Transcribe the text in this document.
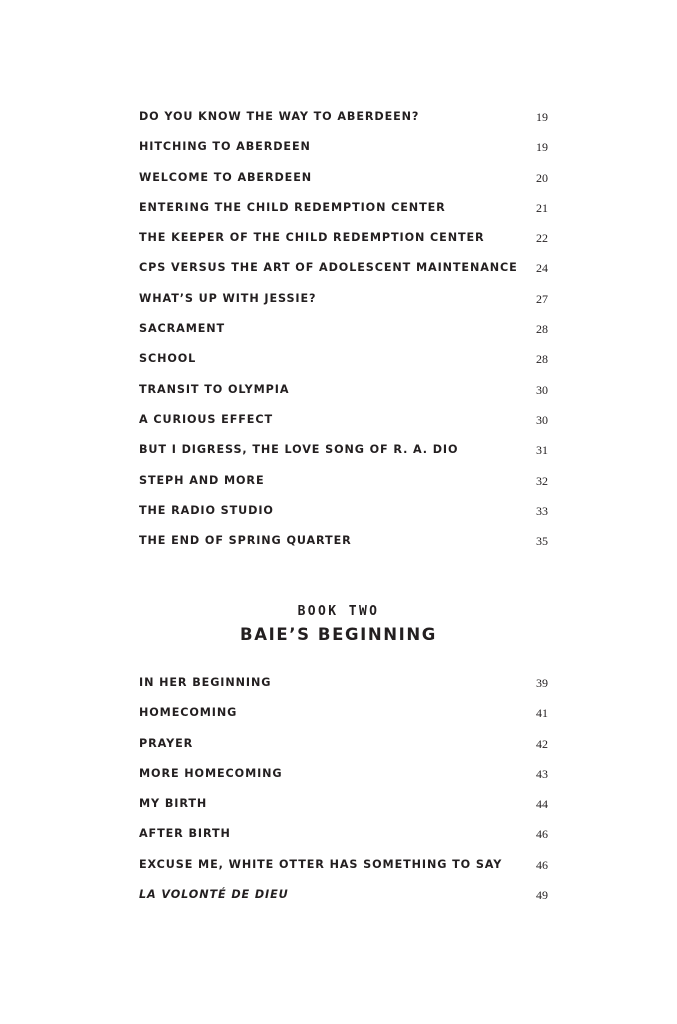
DO YOU KNOW THE WAY TO ABERDEEN?	19
HITCHING TO ABERDEEN	19
WELCOME TO ABERDEEN	20
ENTERING THE CHILD REDEMPTION CENTER	21
THE KEEPER OF THE CHILD REDEMPTION CENTER	22
CPS VERSUS THE ART OF ADOLESCENT MAINTENANCE 24
WHAT’S UP WITH JESSIE?	27
SACRAMENT	28
SCHOOL	28
TRANSIT TO OLYMPIA	30
A CURIOUS EFFECT	30
BUT I DIGRESS, THE LOVE SONG OF R. A. DIO	31
STEPH AND MORE	32
THE RADIO STUDIO	33
THE END OF SPRING QUARTER	35
BOOK TWO
BAIE’S BEGINNING
IN HER BEGINNING	39
HOMECOMING	41
PRAYER	42
MORE HOMECOMING	43
MY BIRTH	44
AFTER BIRTH	46
EXCUSE ME, WHITE OTTER HAS SOMETHING TO SAY	46
LA VOLONTÉ DE DIEU	49
